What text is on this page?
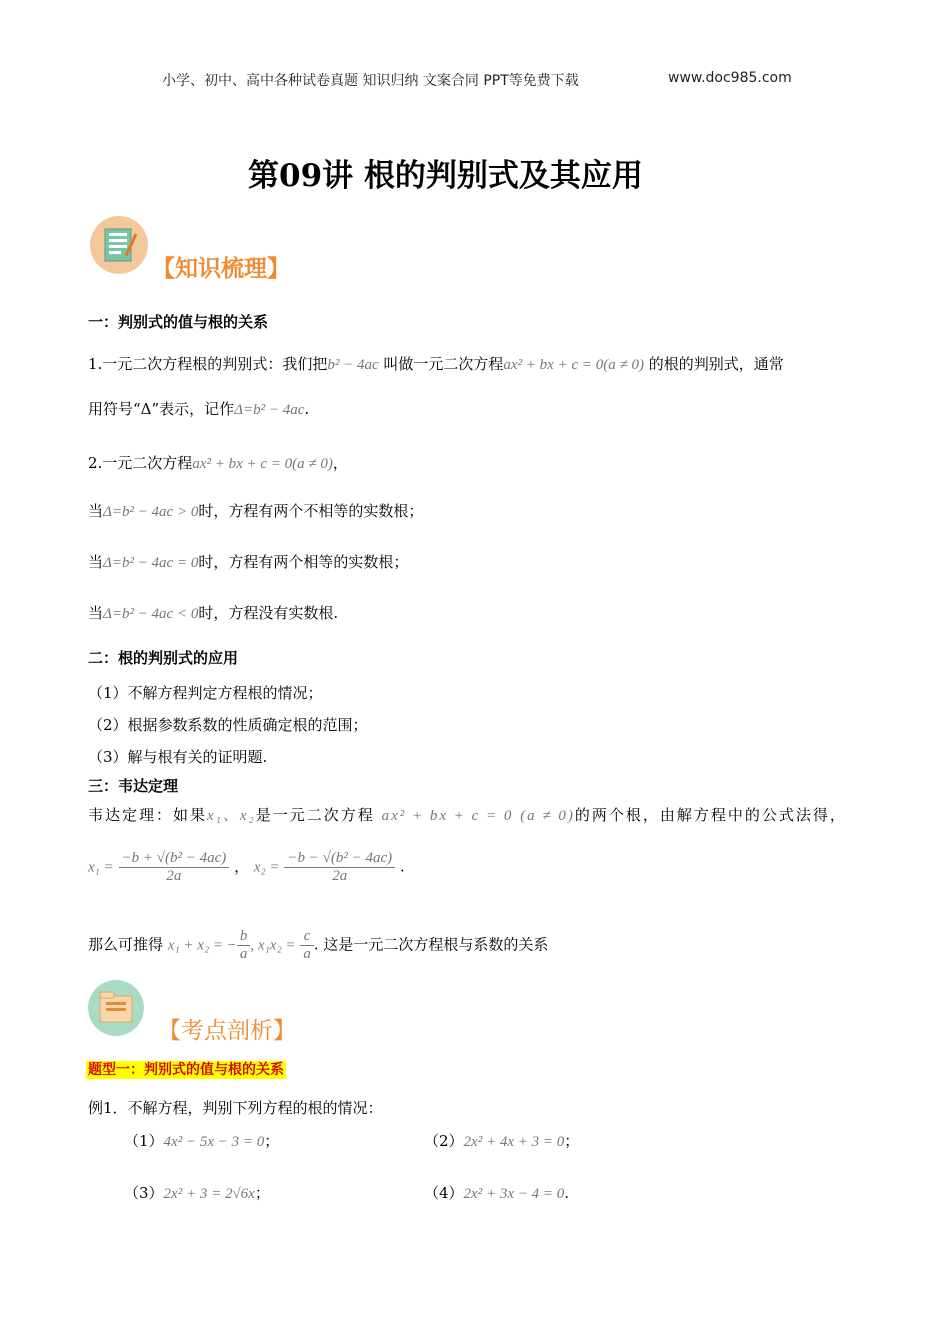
小学、初中、高中各种试卷真题 知识归纳 文案合同 PPT等免费下载	www.doc985.com
第09讲 根的判别式及其应用
【知识梳理】
一：判别式的值与根的关系
1.一元二次方程根的判别式：我们把b² − 4ac 叫做一元二次方程ax² + bx + c = 0(a ≠ 0) 的根的判别式，通常
用符号“Δ”表示，记作Δ=b² − 4ac.
2.一元二次方程ax² + bx + c = 0(a ≠ 0)，
当Δ=b² − 4ac > 0时，方程有两个不相等的实数根；
当Δ=b² − 4ac = 0时，方程有两个相等的实数根；
当Δ=b² − 4ac < 0时，方程没有实数根.
二：根的判别式的应用
（1）不解方程判定方程根的情况；
（2）根据参数系数的性质确定根的范围；
（3）解与根有关的证明题.
三：韦达定理
韦达定理：如果x₁、x₂是一元二次方程 ax² + bx + c = 0 (a ≠ 0)的两个根，由解方程中的公式法得，
$x_1 = \frac{\text{−b + √(b² − 4ac)}}{2a}$ ， $x_2 = \frac{\text{−b − √(b² − 4ac)}}{2a}$ .
那么可推得 x₁ + x₂ = − $\frac{b}{a}$ , $x_1x_2 = \frac{c}{a}$ . 这是一元二次方程根与系数的关系
【考点剖析】
题型一：判别式的值与根的关系
例1．不解方程，判别下列方程的根的情况：
（1）4x² − 5x − 3 = 0；	（2）2x² + 4x + 3 = 0；
（3）2x² + 3 = 2√6x；	（4）2x² + 3x − 4 = 0.
